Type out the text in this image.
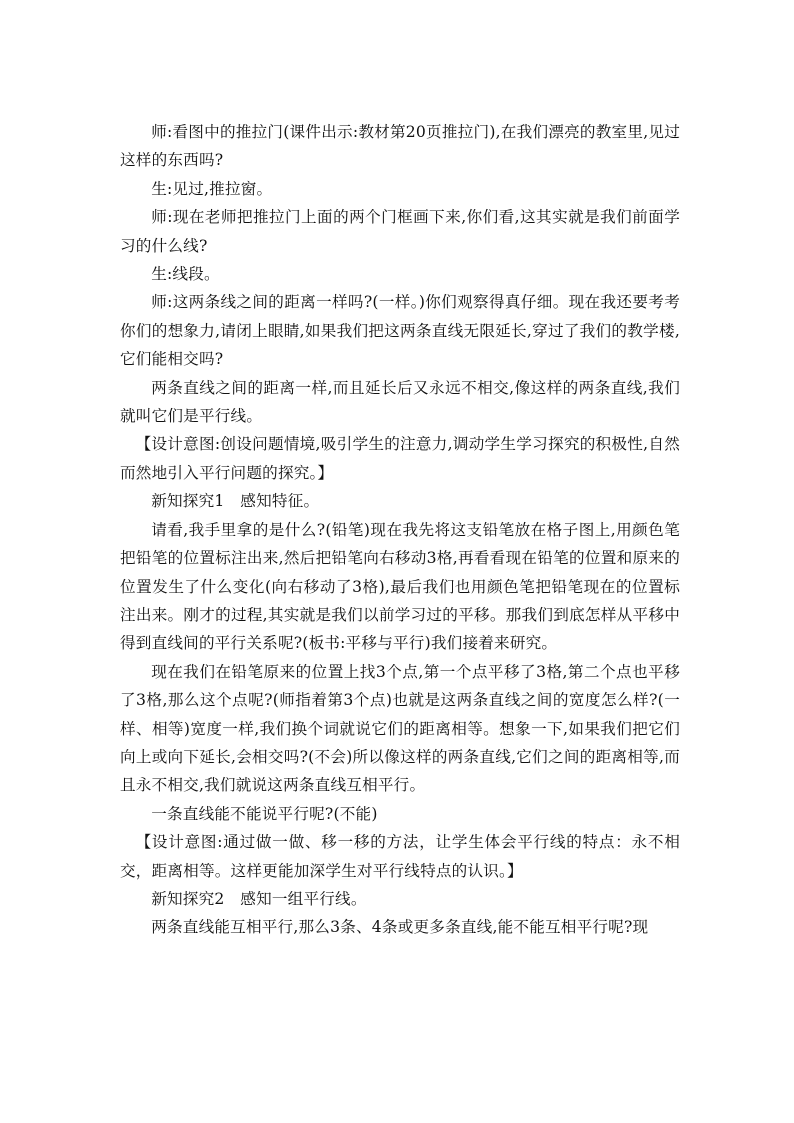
师:看图中的推拉门(课件出示:教材第20页推拉门),在我们漂亮的教室里,见过这样的东西吗?

生:见过,推拉窗。

师:现在老师把推拉门上面的两个门框画下来,你们看,这其实就是我们前面学习的什么线?

生:线段。

师:这两条线之间的距离一样吗?(一样。)你们观察得真仔细。现在我还要考考你们的想象力,请闭上眼睛,如果我们把这两条直线无限延长,穿过了我们的教学楼,它们能相交吗?

两条直线之间的距离一样,而且延长后又永远不相交,像这样的两条直线,我们就叫它们是平行线。

【设计意图:创设问题情境,吸引学生的注意力,调动学生学习探究的积极性,自然而然地引入平行问题的探究。】

新知探究1　感知特征。

请看,我手里拿的是什么?(铅笔)现在我先将这支铅笔放在格子图上,用颜色笔把铅笔的位置标注出来,然后把铅笔向右移动3格,再看看现在铅笔的位置和原来的位置发生了什么变化(向右移动了3格),最后我们也用颜色笔把铅笔现在的位置标注出来。刚才的过程,其实就是我们以前学习过的平移。那我们到底怎样从平移中得到直线间的平行关系呢?(板书:平移与平行)我们接着来研究。

现在我们在铅笔原来的位置上找3个点,第一个点平移了3格,第二个点也平移了3格,那么这个点呢?(师指着第3个点)也就是这两条直线之间的宽度怎么样?(一样、相等)宽度一样,我们换个词就说它们的距离相等。想象一下,如果我们把它们向上或向下延长,会相交吗?(不会)所以像这样的两条直线,它们之间的距离相等,而且永不相交,我们就说这两条直线互相平行。

一条直线能不能说平行呢?(不能)

【设计意图:通过做一做、移一移的方法，让学生体会平行线的特点：永不相交，距离相等。这样更能加深学生对平行线特点的认识。】

新知探究2　感知一组平行线。

两条直线能互相平行,那么3条、4条或更多条直线,能不能互相平行呢?现
